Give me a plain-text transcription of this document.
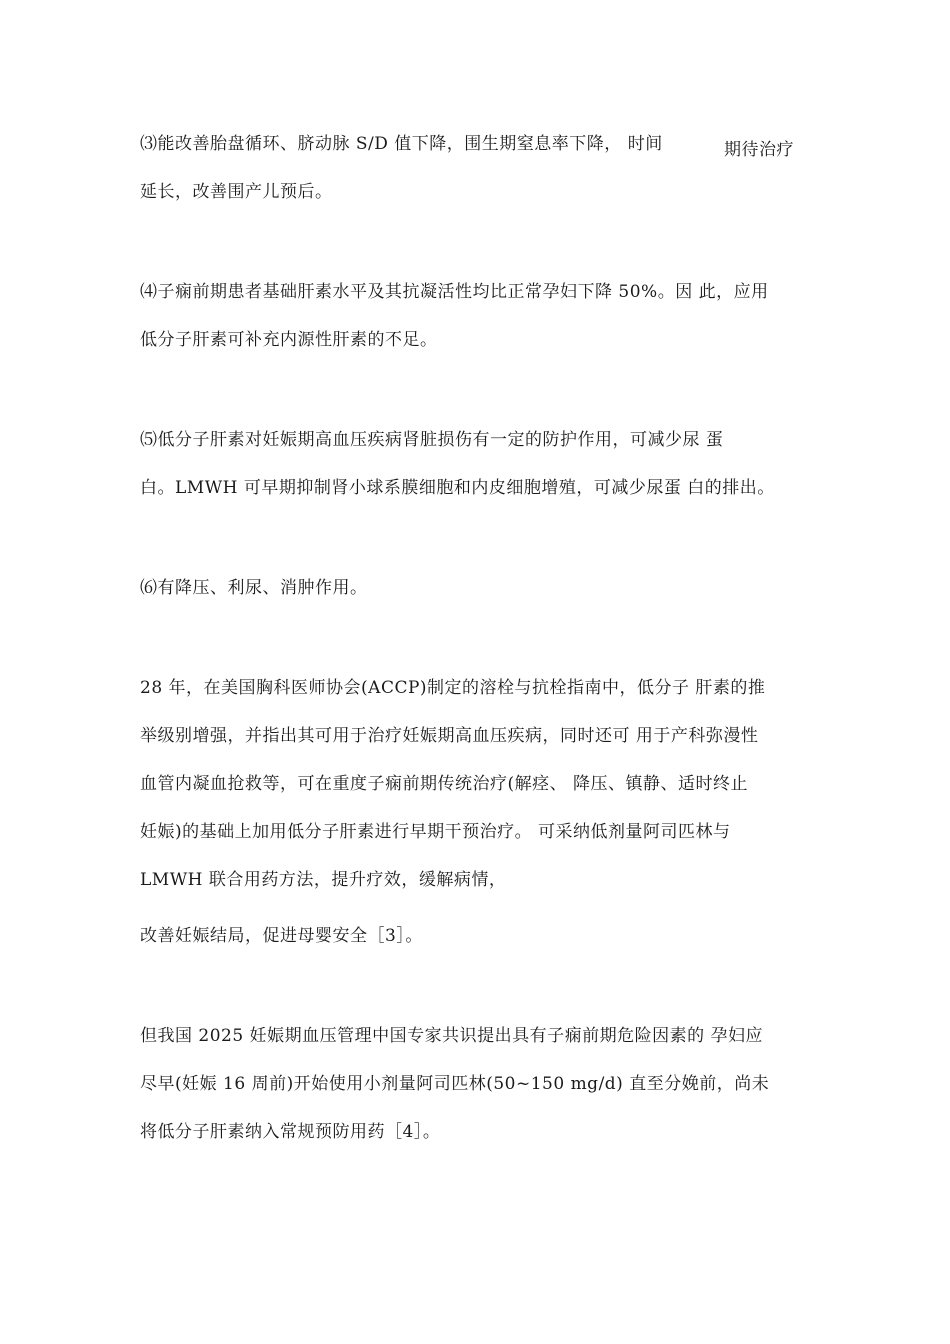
⑶能改善胎盘循环、脐动脉 S/D 值下降，围生期窒息率下降， 时间	期待治疗
延长，改善围产儿预后。
⑷子痫前期患者基础肝素水平及其抗凝活性均比正常孕妇下降 50%。因 此，应用
低分子肝素可补充内源性肝素的不足。
⑸低分子肝素对妊娠期高血压疾病肾脏损伤有一定的防护作用，可减少尿 蛋
白。LMWH 可早期抑制肾小球系膜细胞和内皮细胞增殖，可减少尿蛋 白的排出。
⑹有降压、利尿、消肿作用。
28 年，在美国胸科医师协会(ACCP)制定的溶栓与抗栓指南中，低分子 肝素的推
举级别增强，并指出其可用于治疗妊娠期高血压疾病，同时还可 用于产科弥漫性
血管内凝血抢救等，可在重度子痫前期传统治疗(解痉、 降压、镇静、适时终止
妊娠)的基础上加用低分子肝素进行早期干预治疗。 可采纳低剂量阿司匹林与
LMWH 联合用药方法，提升疗效，缓解病情，
改善妊娠结局，促进母婴安全［3］。
但我国 2025 妊娠期血压管理中国专家共识提出具有子痫前期危险因素的 孕妇应
尽早(妊娠 16 周前)开始使用小剂量阿司匹林(50~150 mg/d) 直至分娩前，尚未
将低分子肝素纳入常规预防用药［4］。
